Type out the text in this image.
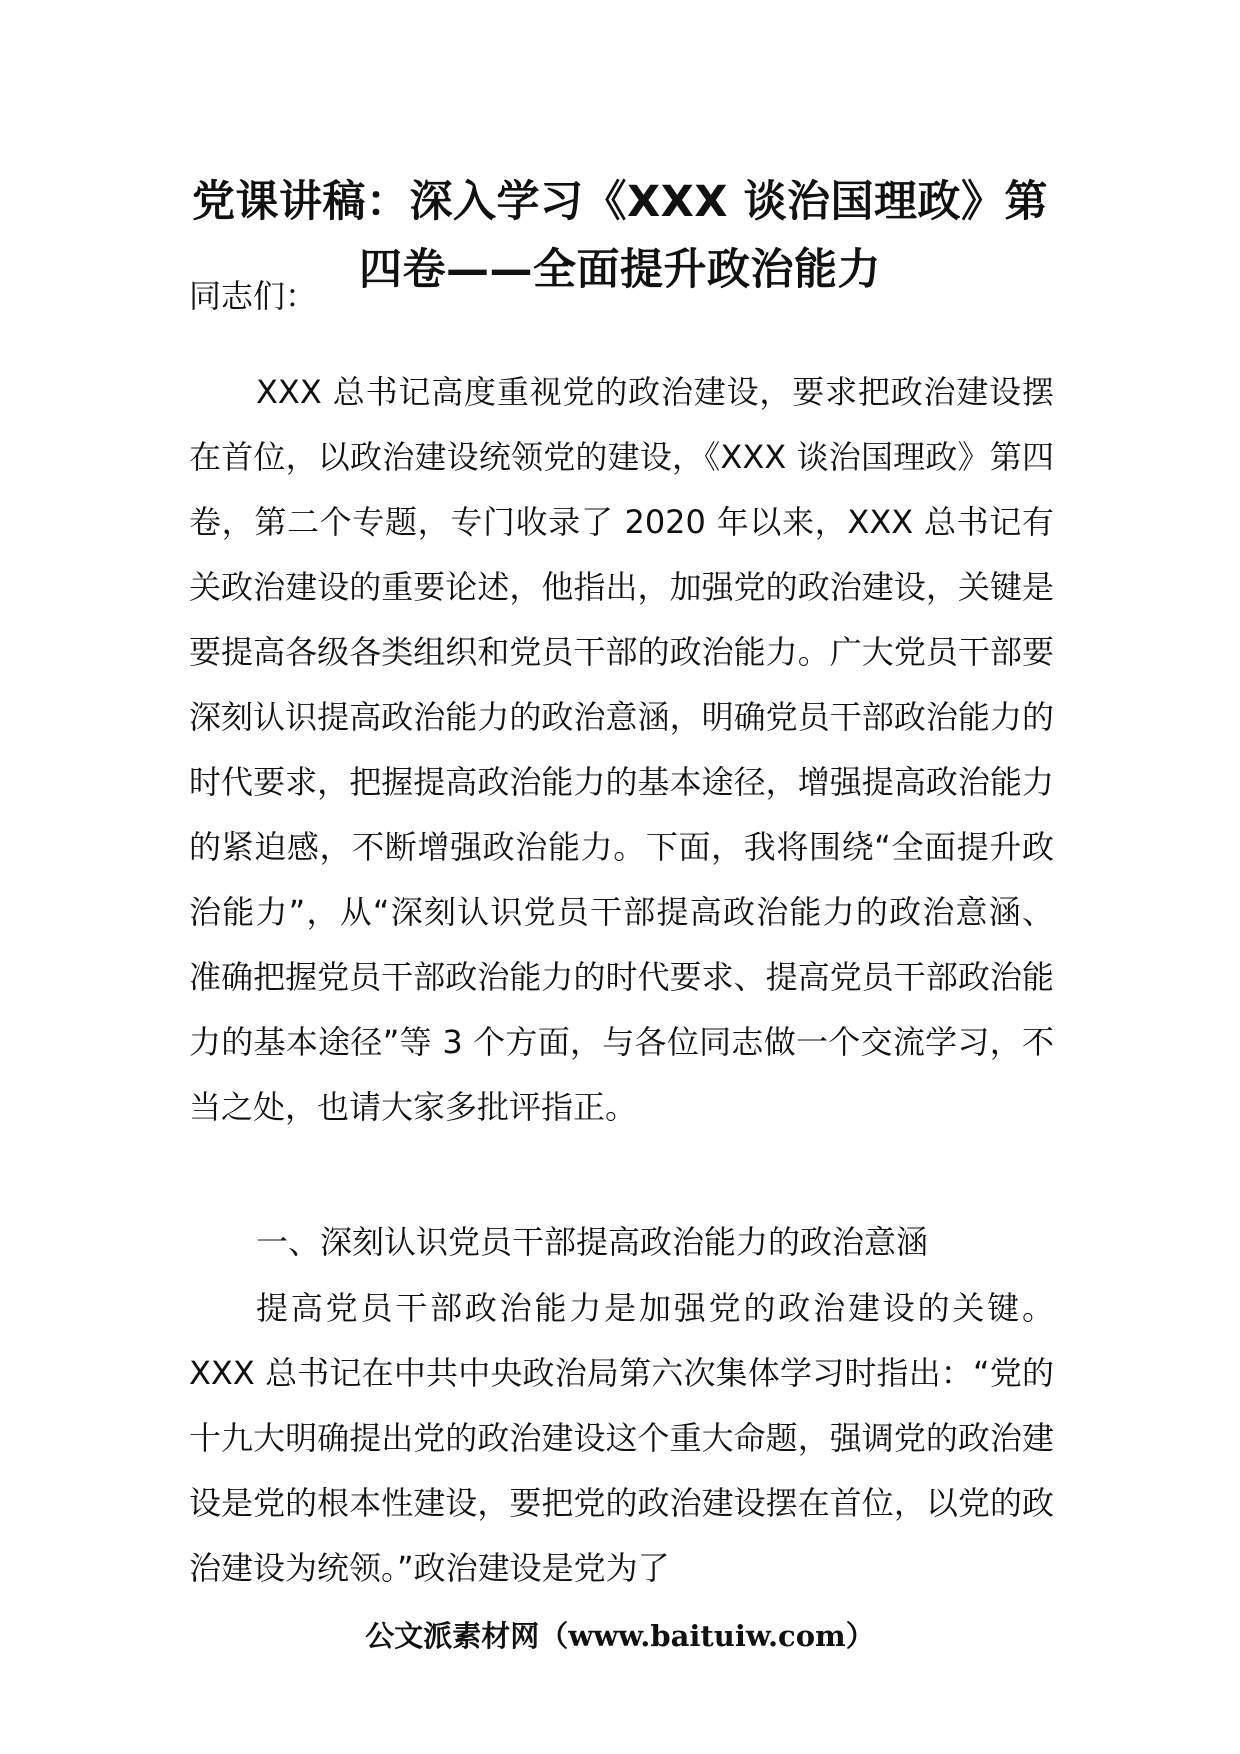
党课讲稿：深入学习《XXX 谈治国理政》第
四卷——全面提升政治能力
同志们：
XXX 总书记高度重视党的政治建设，要求把政治建设摆在首位，以政治建设统领党的建设，《XXX 谈治国理政》第四卷，第二个专题，专门收录了 2020 年以来，XXX 总书记有关政治建设的重要论述，他指出，加强党的政治建设，关键是要提高各级各类组织和党员干部的政治能力。广大党员干部要深刻认识提高政治能力的政治意涵，明确党员干部政治能力的时代要求，把握提高政治能力的基本途径，增强提高政治能力的紧迫感，不断增强政治能力。下面，我将围绕“全面提升政治能力”，从“深刻认识党员干部提高政治能力的政治意涵、准确把握党员干部政治能力的时代要求、提高党员干部政治能力的基本途径”等 3 个方面，与各位同志做一个交流学习，不当之处，也请大家多批评指正。
一、深刻认识党员干部提高政治能力的政治意涵
提高党员干部政治能力是加强党的政治建设的关键。XXX 总书记在中共中央政治局第六次集体学习时指出：“党的十九大明确提出党的政治建设这个重大命题，强调党的政治建设是党的根本性建设，要把党的政治建设摆在首位，以党的政治建设为统领。”政治建设是党为了
公文派素材网（www.baituiw.com）
